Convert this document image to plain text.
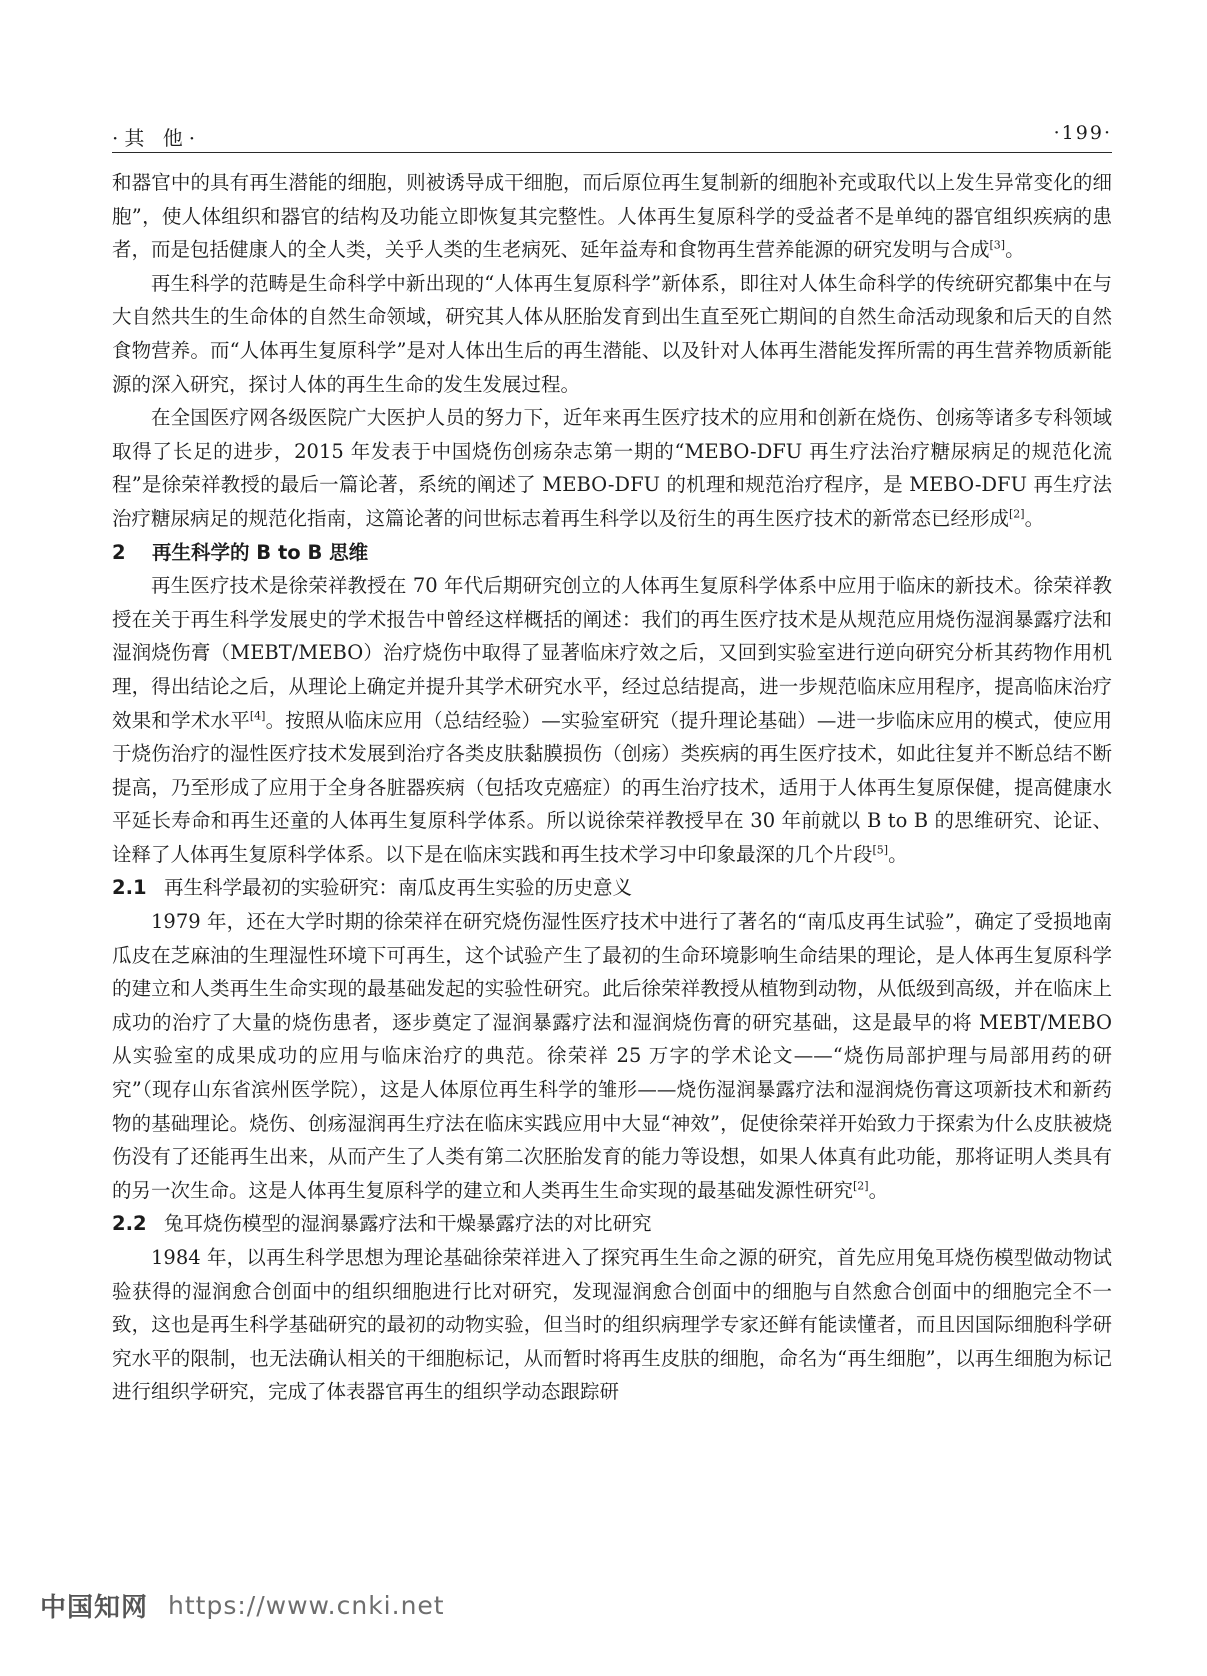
·其 他·	·199·

和器官中的具有再生潜能的细胞，则被诱导成干细胞，而后原位再生复制新的细胞补充或取代以上发生异常变化的细胞”，使人体组织和器官的结构及功能立即恢复其完整性。人体再生复原科学的受益者不是单纯的器官组织疾病的患者，而是包括健康人的全人类，关乎人类的生老病死、延年益寿和食物再生营养能源的研究发明与合成[3]。

再生科学的范畴是生命科学中新出现的“人体再生复原科学”新体系，即往对人体生命科学的传统研究都集中在与大自然共生的生命体的自然生命领域，研究其人体从胚胎发育到出生直至死亡期间的自然生命活动现象和后天的自然食物营养。而“人体再生复原科学”是对人体出生后的再生潜能、以及针对人体再生潜能发挥所需的再生营养物质新能源的深入研究，探讨人体的再生生命的发生发展过程。

在全国医疗网各级医院广大医护人员的努力下，近年来再生医疗技术的应用和创新在烧伤、创疡等诸多专科领域取得了长足的进步，2015 年发表于中国烧伤创疡杂志第一期的“MEBO-DFU 再生疗法治疗糖尿病足的规范化流程”是徐荣祥教授的最后一篇论著，系统的阐述了 MEBO-DFU 的机理和规范治疗程序，是 MEBO-DFU 再生疗法治疗糖尿病足的规范化指南，这篇论著的问世标志着再生科学以及衍生的再生医疗技术的新常态已经形成[2]。

2 再生科学的 B to B 思维

再生医疗技术是徐荣祥教授在 70 年代后期研究创立的人体再生复原科学体系中应用于临床的新技术。徐荣祥教授在关于再生科学发展史的学术报告中曾经这样概括的阐述：我们的再生医疗技术是从规范应用烧伤湿润暴露疗法和湿润烧伤膏（MEBT/MEBO）治疗烧伤中取得了显著临床疗效之后，又回到实验室进行逆向研究分析其药物作用机理，得出结论之后，从理论上确定并提升其学术研究水平，经过总结提高，进一步规范临床应用程序，提高临床治疗效果和学术水平[4]。按照从临床应用（总结经验）—实验室研究（提升理论基础）—进一步临床应用的模式，使应用于烧伤治疗的湿性医疗技术发展到治疗各类皮肤黏膜损伤（创疡）类疾病的再生医疗技术，如此往复并不断总结不断提高，乃至形成了应用于全身各脏器疾病（包括攻克癌症）的再生治疗技术，适用于人体再生复原保健，提高健康水平延长寿命和再生还童的人体再生复原科学体系。所以说徐荣祥教授早在 30 年前就以 B to B 的思维研究、论证、诠释了人体再生复原科学体系。以下是在临床实践和再生技术学习中印象最深的几个片段[5]。

2.1 再生科学最初的实验研究：南瓜皮再生实验的历史意义

1979 年，还在大学时期的徐荣祥在研究烧伤湿性医疗技术中进行了著名的“南瓜皮再生试验”，确定了受损地南瓜皮在芝麻油的生理湿性环境下可再生，这个试验产生了最初的生命环境影响生命结果的理论，是人体再生复原科学的建立和人类再生生命实现的最基础发起的实验性研究。此后徐荣祥教授从植物到动物，从低级到高级，并在临床上成功的治疗了大量的烧伤患者，逐步奠定了湿润暴露疗法和湿润烧伤膏的研究基础，这是最早的将 MEBT/MEBO 从实验室的成果成功的应用与临床治疗的典范。徐荣祥 25 万字的学术论文——“烧伤局部护理与局部用药的研究”（现存山东省滨州医学院），这是人体原位再生科学的雏形——烧伤湿润暴露疗法和湿润烧伤膏这项新技术和新药物的基础理论。烧伤、创疡湿润再生疗法在临床实践应用中大显“神效”，促使徐荣祥开始致力于探索为什么皮肤被烧伤没有了还能再生出来，从而产生了人类有第二次胚胎发育的能力等设想，如果人体真有此功能，那将证明人类具有的另一次生命。这是人体再生复原科学的建立和人类再生生命实现的最基础发源性研究[2]。

2.2 兔耳烧伤模型的湿润暴露疗法和干燥暴露疗法的对比研究

1984 年，以再生科学思想为理论基础徐荣祥进入了探究再生生命之源的研究，首先应用兔耳烧伤模型做动物试验获得的湿润愈合创面中的组织细胞进行比对研究，发现湿润愈合创面中的细胞与自然愈合创面中的细胞完全不一致，这也是再生科学基础研究的最初的动物实验，但当时的组织病理学专家还鲜有能读懂者，而且因国际细胞科学研究水平的限制，也无法确认相关的干细胞标记，从而暂时将再生皮肤的细胞，命名为“再生细胞”，以再生细胞为标记进行组织学研究，完成了体表器官再生的组织学动态跟踪研

中国知网 https://www.cnki.net
